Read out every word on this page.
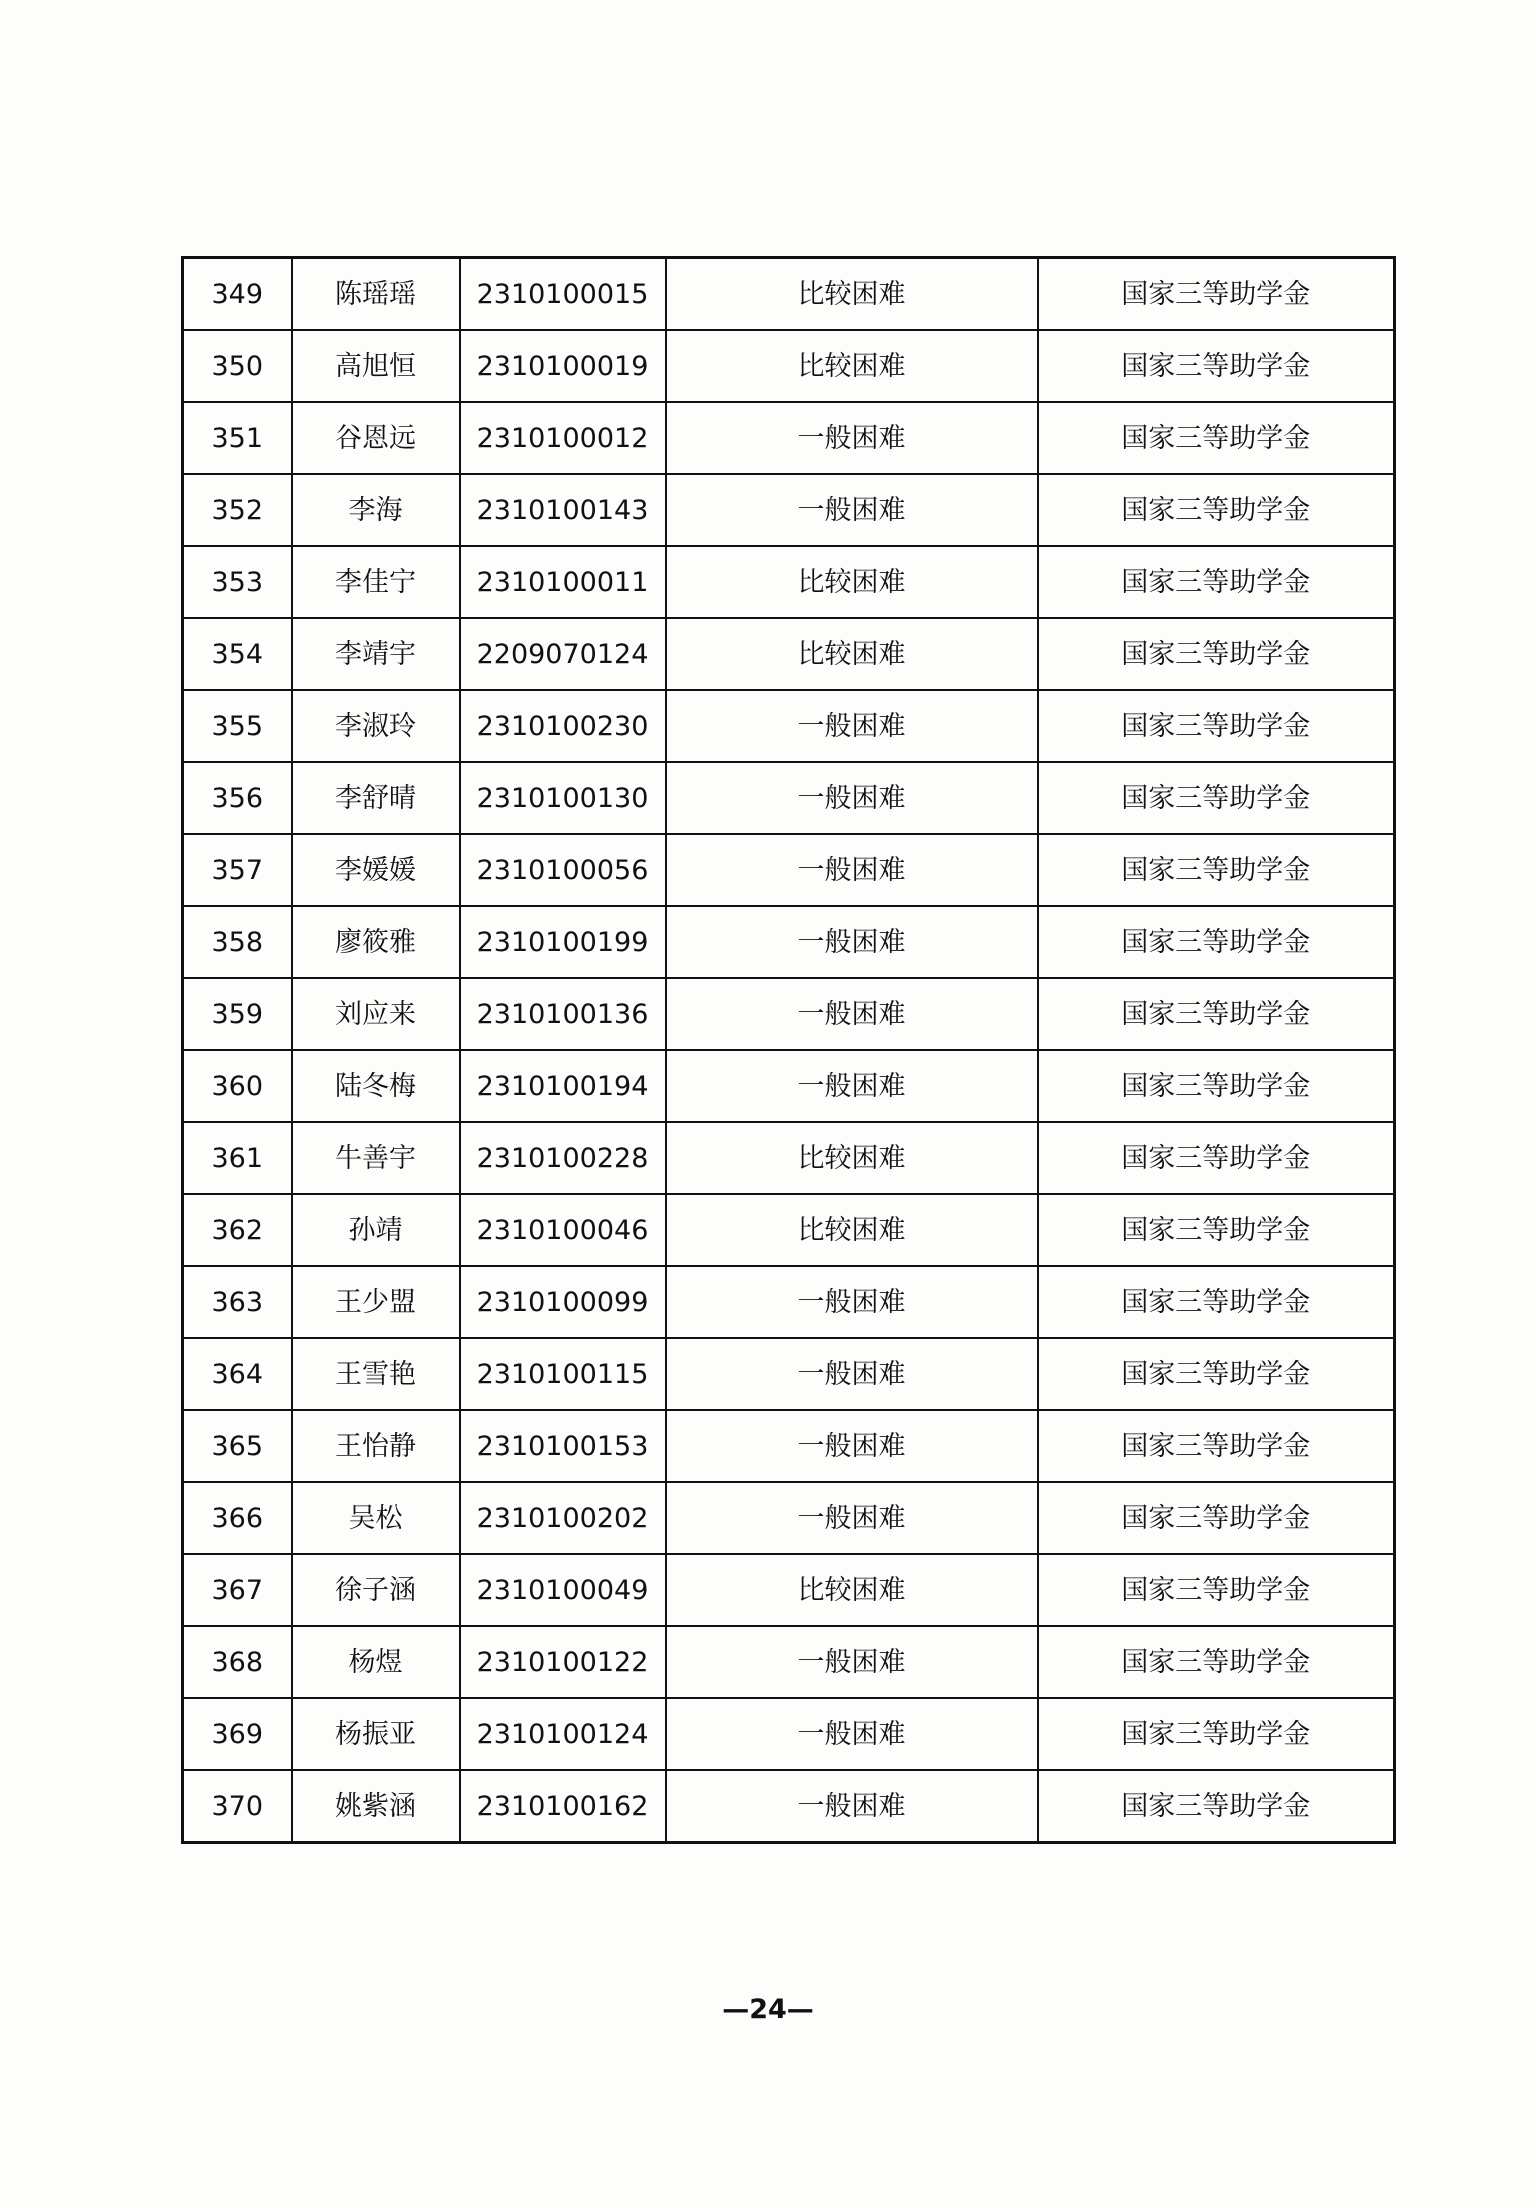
349	陈瑶瑶	2310100015	比较困难	国家三等助学金
350	高旭恒	2310100019	比较困难	国家三等助学金
351	谷恩远	2310100012	一般困难	国家三等助学金
352	李海	2310100143	一般困难	国家三等助学金
353	李佳宁	2310100011	比较困难	国家三等助学金
354	李靖宇	2209070124	比较困难	国家三等助学金
355	李淑玲	2310100230	一般困难	国家三等助学金
356	李舒晴	2310100130	一般困难	国家三等助学金
357	李媛媛	2310100056	一般困难	国家三等助学金
358	廖筱雅	2310100199	一般困难	国家三等助学金
359	刘应来	2310100136	一般困难	国家三等助学金
360	陆冬梅	2310100194	一般困难	国家三等助学金
361	牛善宇	2310100228	比较困难	国家三等助学金
362	孙靖	2310100046	比较困难	国家三等助学金
363	王少盟	2310100099	一般困难	国家三等助学金
364	王雪艳	2310100115	一般困难	国家三等助学金
365	王怡静	2310100153	一般困难	国家三等助学金
366	吴松	2310100202	一般困难	国家三等助学金
367	徐子涵	2310100049	比较困难	国家三等助学金
368	杨煜	2310100122	一般困难	国家三等助学金
369	杨振亚	2310100124	一般困难	国家三等助学金
370	姚紫涵	2310100162	一般困难	国家三等助学金
—24—
